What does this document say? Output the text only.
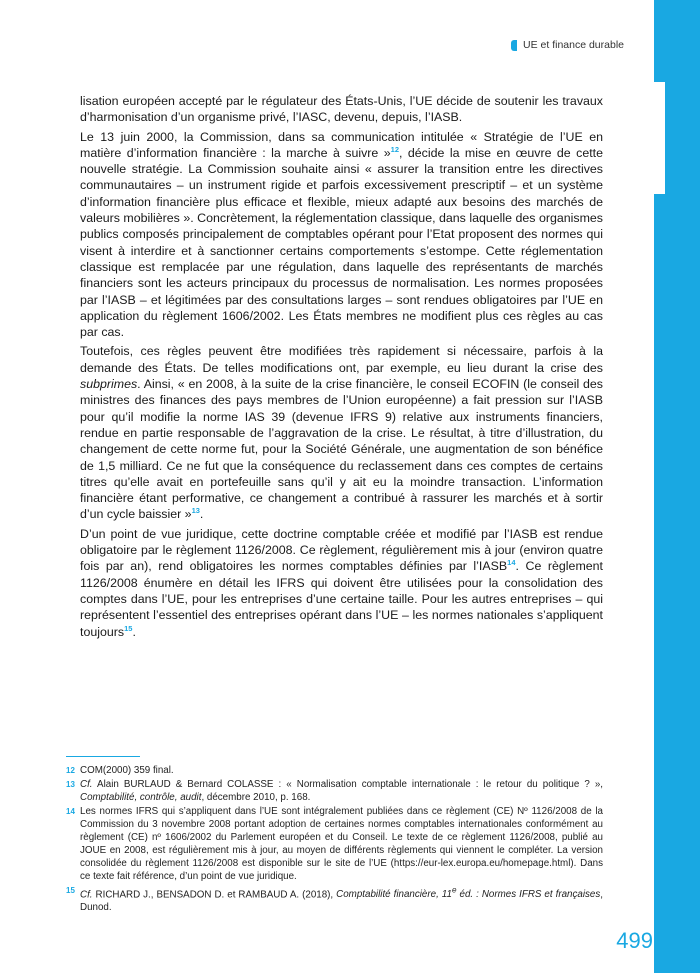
UE et finance durable

lisation européen accepté par le régulateur des États-Unis, l’UE décide de soutenir les travaux d’harmonisation d’un organisme privé, l’IASC, devenu, depuis, l’IASB.

Le 13 juin 2000, la Commission, dans sa communication intitulée « Stratégie de l’UE en matière d’information financière : la marche à suivre »$^{12}$, décide la mise en œuvre de cette nouvelle stratégie. La Commission souhaite ainsi « assurer la transition entre les directives communautaires – un instrument rigide et parfois excessivement prescriptif – et un système d’information financière plus efficace et flexible, mieux adapté aux besoins des marchés de valeurs mobilières ». Concrètement, la réglementation classique, dans laquelle des organismes publics composés principalement de comptables opérant pour l’Etat proposent des normes qui visent à interdire et à sanctionner certains comportements s’estompe. Cette réglementation classique est remplacée par une régulation, dans laquelle des représentants de marchés financiers sont les acteurs principaux du processus de normalisation. Les normes proposées par l’IASB – et légitimées par des consultations larges – sont rendues obligatoires par l’UE en application du règlement 1606/2002. Les États membres ne modifient plus ces règles au cas par cas.

Toutefois, ces règles peuvent être modifiées très rapidement si nécessaire, parfois à la demande des États. De telles modifications ont, par exemple, eu lieu durant la crise des subprimes. Ainsi, « en 2008, à la suite de la crise financière, le conseil ECOFIN (le conseil des ministres des finances des pays membres de l’Union européenne) a fait pression sur l’IASB pour qu’il modifie la norme IAS 39 (devenue IFRS 9) relative aux instruments financiers, rendue en partie responsable de l’aggravation de la crise. Le résultat, à titre d’illustration, du changement de cette norme fut, pour la Société Générale, une augmentation de son bénéfice de 1,5 milliard. Ce ne fut que la conséquence du reclassement dans ces comptes de certains titres qu’elle avait en portefeuille sans qu’il y ait eu la moindre transaction. L’information financière étant performative, ce changement a contribué à rassurer les marchés et à sortir d’un cycle baissier »$^{13}$.

D’un point de vue juridique, cette doctrine comptable créée et modifié par l’IASB est rendue obligatoire par le règlement 1126/2008. Ce règlement, régulièrement mis à jour (environ quatre fois par an), rend obligatoires les normes comptables définies par l’IASB$^{14}$. Ce règlement 1126/2008 énumère en détail les IFRS qui doivent être utilisées pour la consolidation des comptes dans l’UE, pour les entreprises d’une certaine taille. Pour les autres entreprises – qui représentent l’essentiel des entreprises opérant dans l’UE – les normes nationales s’appliquent toujours$^{15}$.

12 COM(2000) 359 final.
13 Cf. Alain BURLAUD & Bernard COLASSE : « Normalisation comptable internationale : le retour du politique ? », Comptabilité, contrôle, audit, décembre 2010, p. 168.
14 Les normes IFRS qui s’appliquent dans l’UE sont intégralement publiées dans ce règlement (CE) Nº 1126/2008 de la Commission du 3 novembre 2008 portant adoption de certaines normes comptables internationales conformément au règlement (CE) nº 1606/2002 du Parlement européen et du Conseil. Le texte de ce règlement 1126/2008, publié au JOUE en 2008, est régulièrement mis à jour, au moyen de différents règlements qui viennent le compléter. La version consolidée du règlement 1126/2008 est disponible sur le site de l’UE (https://eur-lex.europa.eu/homepage.html). Dans ce texte fait référence, d’un point de vue juridique.
15 Cf. RICHARD J., BENSADON D. et RAMBAUD A. (2018), Comptabilité financière, 11e éd. : Normes IFRS et françaises, Dunod.
499
